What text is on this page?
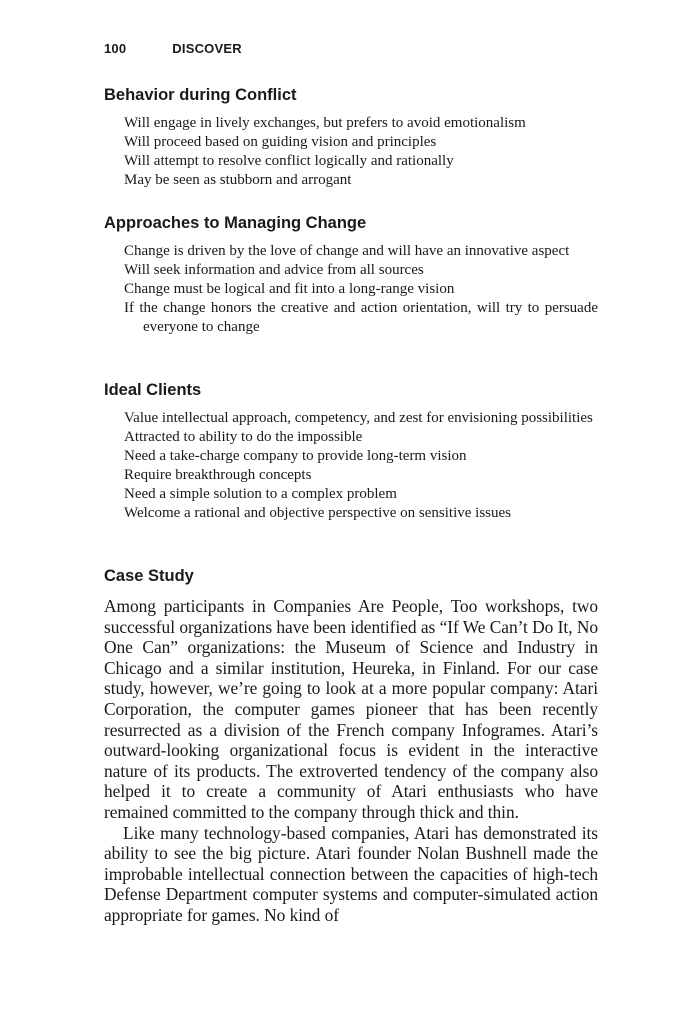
100	DISCOVER
Behavior during Conflict
Will engage in lively exchanges, but prefers to avoid emotionalism
Will proceed based on guiding vision and principles
Will attempt to resolve conflict logically and rationally
May be seen as stubborn and arrogant
Approaches to Managing Change
Change is driven by the love of change and will have an innovative aspect
Will seek information and advice from all sources
Change must be logical and fit into a long-range vision
If the change honors the creative and action orientation, will try to persuade everyone to change
Ideal Clients
Value intellectual approach, competency, and zest for envisioning possibilities
Attracted to ability to do the impossible
Need a take-charge company to provide long-term vision
Require breakthrough concepts
Need a simple solution to a complex problem
Welcome a rational and objective perspective on sensitive issues
Case Study

Among participants in Companies Are People, Too workshops, two successful organizations have been identified as “If We Can’t Do It, No One Can” organizations: the Museum of Science and Industry in Chicago and a similar institution, Heureka, in Finland. For our case study, however, we’re going to look at a more popular company: Atari Corporation, the computer games pioneer that has been recently resurrected as a division of the French company Infogrames. Atari’s outward-looking organizational focus is evident in the interactive nature of its products. The extroverted tendency of the company also helped it to create a community of Atari enthusiasts who have remained committed to the company through thick and thin.

Like many technology-based companies, Atari has demonstrated its ability to see the big picture. Atari founder Nolan Bushnell made the improbable intellectual connection between the capacities of high-tech Defense Department computer systems and computer-simulated action appropriate for games. No kind of
